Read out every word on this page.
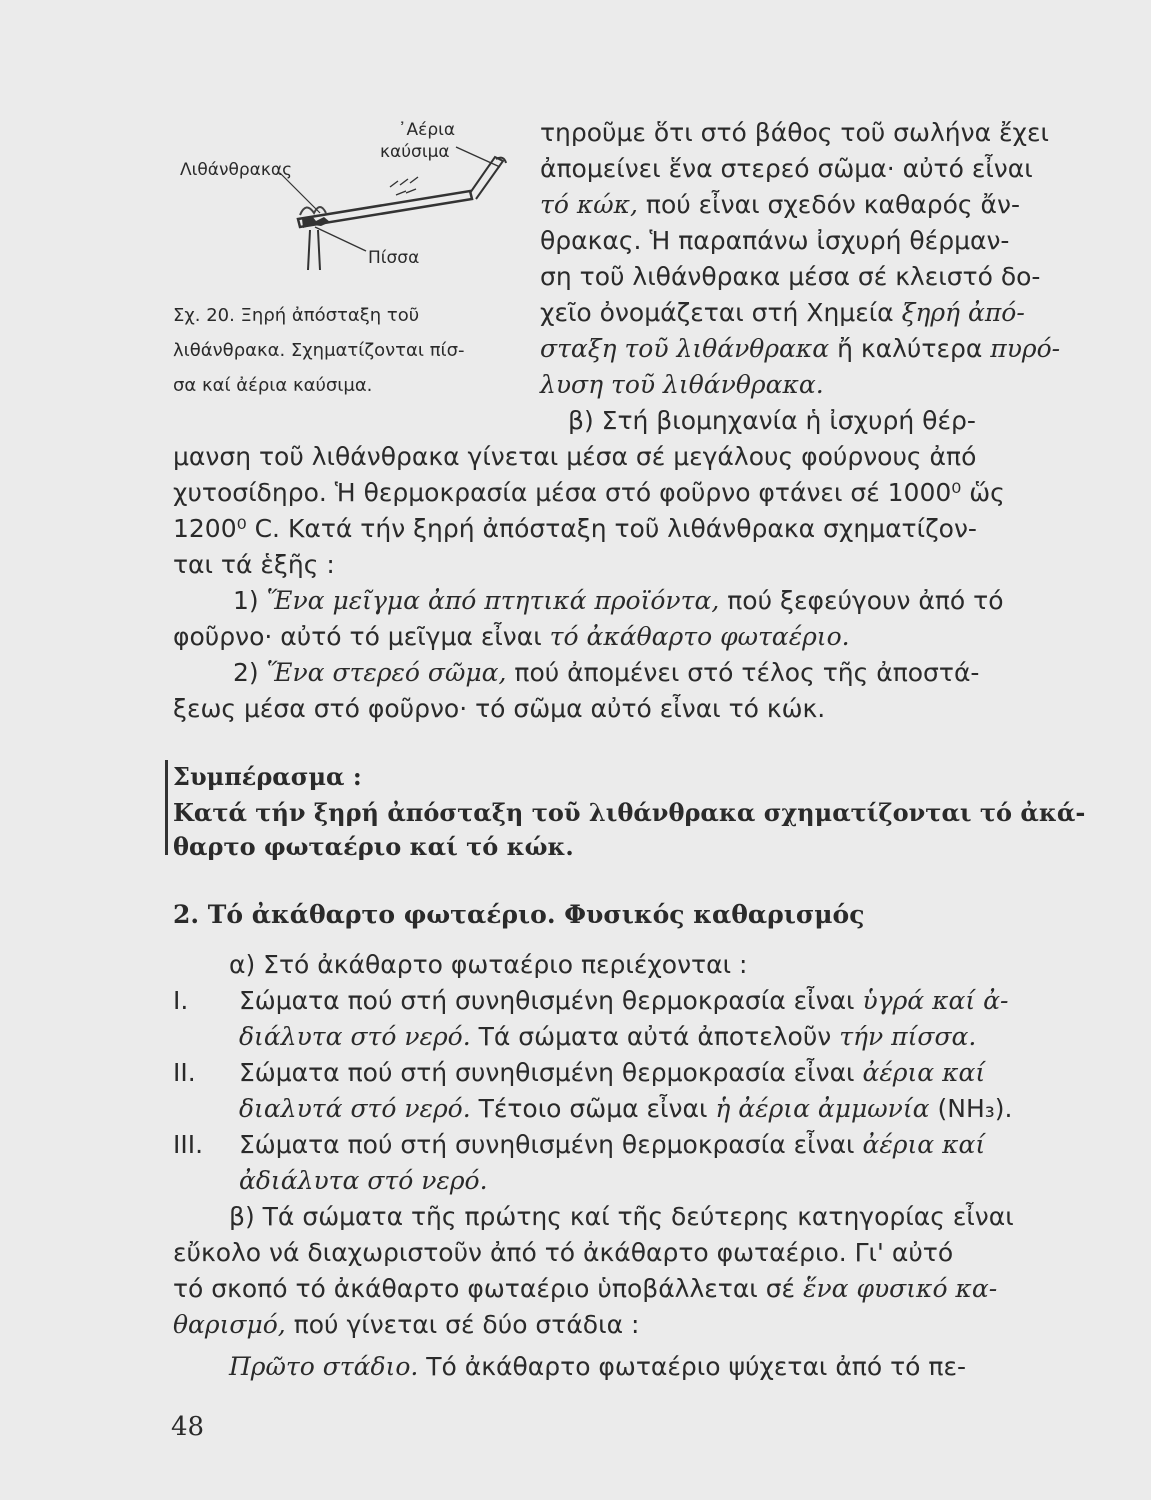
᾿Αέρια
καύσιμα
Λιθάνθρακας
Πίσσα
Σχ. 20. Ξηρή ἀπόσταξη τοῦ
λιθάνθρακα. Σχηματίζονται πίσ-
σα καί ἀέρια καύσιμα.
τηροῦμε ὅτι στό βάθος τοῦ σωλήνα ἔχει
ἀπομείνει ἕνα στερεό σῶμα· αὐτό εἶναι
τό κώκ, πού εἶναι σχεδόν καθαρός ἄν-
θρακας. Ἡ παραπάνω ἰσχυρή θέρμαν-
ση τοῦ λιθάνθρακα μέσα σέ κλειστό δο-
χεῖο ὀνομάζεται στή Χημεία ξηρή ἀπό-
σταξη τοῦ λιθάνθρακα ἤ καλύτερα πυρό-
λυση τοῦ λιθάνθρακα.
β) Στή βιομηχανία ἡ ἰσχυρή θέρ-
μανση τοῦ λιθάνθρακα γίνεται μέσα σέ μεγάλους φούρνους ἀπό
χυτοσίδηρο. Ἡ θερμοκρασία μέσα στό φοῦρνο φτάνει σέ 1000⁰ ὥς
1200⁰ C. Κατά τήν ξηρή ἀπόσταξη τοῦ λιθάνθρακα σχηματίζον-
ται τά ἑξῆς :
1) Ἕνα μεῖγμα ἀπό πτητικά προϊόντα, πού ξεφεύγουν ἀπό τό
φοῦρνο· αὐτό τό μεῖγμα εἶναι τό ἀκάθαρτο φωταέριο.
2) Ἕνα στερεό σῶμα, πού ἀπομένει στό τέλος τῆς ἀποστά-
ξεως μέσα στό φοῦρνο· τό σῶμα αὐτό εἶναι τό κώκ.
Συμπέρασμα :
Κατά τήν ξηρή ἀπόσταξη τοῦ λιθάνθρακα σχηματίζονται τό ἀκά-
θαρτο φωταέριο καί τό κώκ.
2. Τό ἀκάθαρτο φωταέριο. Φυσικός καθαρισμός
α) Στό ἀκάθαρτο φωταέριο περιέχονται :
I. Σώματα πού στή συνηθισμένη θερμοκρασία εἶναι ὑγρά καί ἀ-
διάλυτα στό νερό. Τά σώματα αὐτά ἀποτελοῦν τήν πίσσα.
II. Σώματα πού στή συνηθισμένη θερμοκρασία εἶναι ἀέρια καί
διαλυτά στό νερό. Τέτοιο σῶμα εἶναι ἡ ἀέρια ἀμμωνία (NH₃).
III. Σώματα πού στή συνηθισμένη θερμοκρασία εἶναι ἀέρια καί
ἀδιάλυτα στό νερό.
β) Τά σώματα τῆς πρώτης καί τῆς δεύτερης κατηγορίας εἶναι
εὔκολο νά διαχωριστοῦν ἀπό τό ἀκάθαρτο φωταέριο. Γι' αὐτό
τό σκοπό τό ἀκάθαρτο φωταέριο ὑποβάλλεται σέ ἕνα φυσικό κα-
θαρισμό, πού γίνεται σέ δύο στάδια :
Πρῶτο στάδιο. Τό ἀκάθαρτο φωταέριο ψύχεται ἀπό τό πε-
48
